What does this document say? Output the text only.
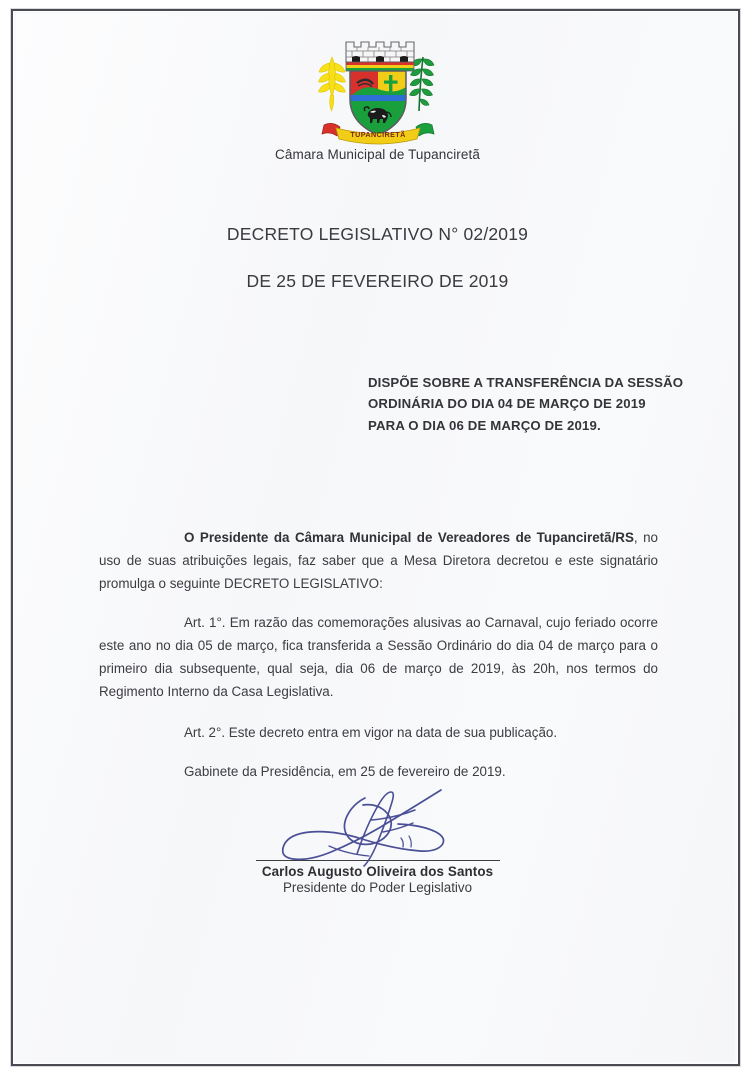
TUPANCIRETÃ
Câmara Municipal de Tupanciretã
DECRETO LEGISLATIVO N° 02/2019
DE 25 DE FEVEREIRO DE 2019
DISPÕE SOBRE A TRANSFERÊNCIA DA SESSÃO
ORDINÁRIA DO DIA 04 DE MARÇO DE 2019
PARA O DIA 06 DE MARÇO DE 2019.

O Presidente da Câmara Municipal de Vereadores de Tupanciretã/RS, no uso de suas atribuições legais, faz saber que a Mesa Diretora decretou e este signatário promulga o seguinte DECRETO LEGISLATIVO:

Art. 1°. Em razão das comemorações alusivas ao Carnaval, cujo feriado ocorre este ano no dia 05 de março, fica transferida a Sessão Ordinário do dia 04 de março para o primeiro dia subsequente, qual seja, dia 06 de março de 2019, às 20h, nos termos do Regimento Interno da Casa Legislativa.

Art. 2°. Este decreto entra em vigor na data de sua publicação.

Gabinete da Presidência, em 25 de fevereiro de 2019.
Carlos Augusto Oliveira dos Santos
Presidente do Poder Legislativo
